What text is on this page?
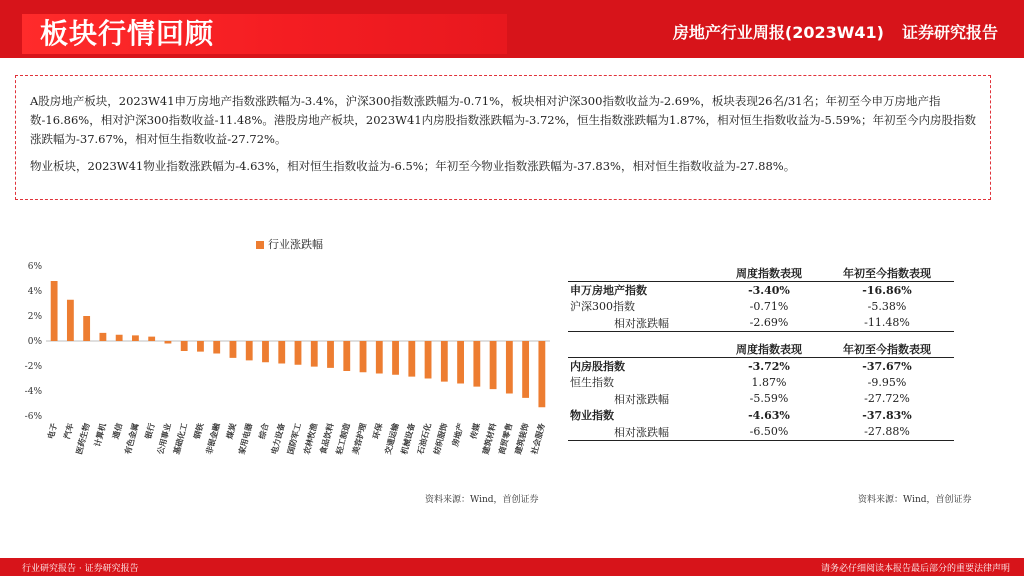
板块行情回顾	房地产行业周报(2023W41) 证券研究报告

A股房地产板块，2023W41申万房地产指数涨跌幅为-3.4%，沪深300指数涨跌幅为-0.71%，板块相对沪深300指数收益为-2.69%，板块表现26名/31名；年初至今申万房地产指数-16.86%，相对沪深300指数收益-11.48%。港股房地产板块，2023W41内房股指数涨跌幅为-3.72%，恒生指数涨跌幅为1.87%，相对恒生指数收益为-5.59%；年初至今内房股指数涨跌幅为-37.67%，相对恒生指数收益-27.72%。

物业板块，2023W41物业指数涨跌幅为-4.63%，相对恒生指数收益为-6.5%；年初至今物业指数涨跌幅为-37.83%，相对恒生指数收益为-27.88%。

6%
4%
2%
0%
-2%
-4%
-6%
电子 汽车 医药生物 计算机 通信 有色金属 银行 公用事业 基础化工 钢铁 非银金融 煤炭 家用电器 综合 电力设备 国防军工 农林牧渔 食品饮料 轻工制造 美容护理 环保 交通运输 机械设备 石油石化 纺织服饰 房地产 传媒 建筑材料 商贸零售 建筑装饰 社会服务
行业涨跌幅
资料来源：Wind，首创证券
	周度指数表现	年初至今指数表现
申万房地产指数	-3.40%	-16.86%
沪深300指数	-0.71%	-5.38%
相对涨跌幅	-2.69%	-11.48%

	周度指数表现	年初至今指数表现
内房股指数	-3.72%	-37.67%
恒生指数	1.87%	-9.95%
相对涨跌幅	-5.59%	-27.72%
物业指数	-4.63%	-37.83%
相对涨跌幅	-6.50%	-27.88%
资料来源：Wind，首创证券
行业研究报告 · 证券研究报告	请务必仔细阅读本报告最后部分的重要法律声明
